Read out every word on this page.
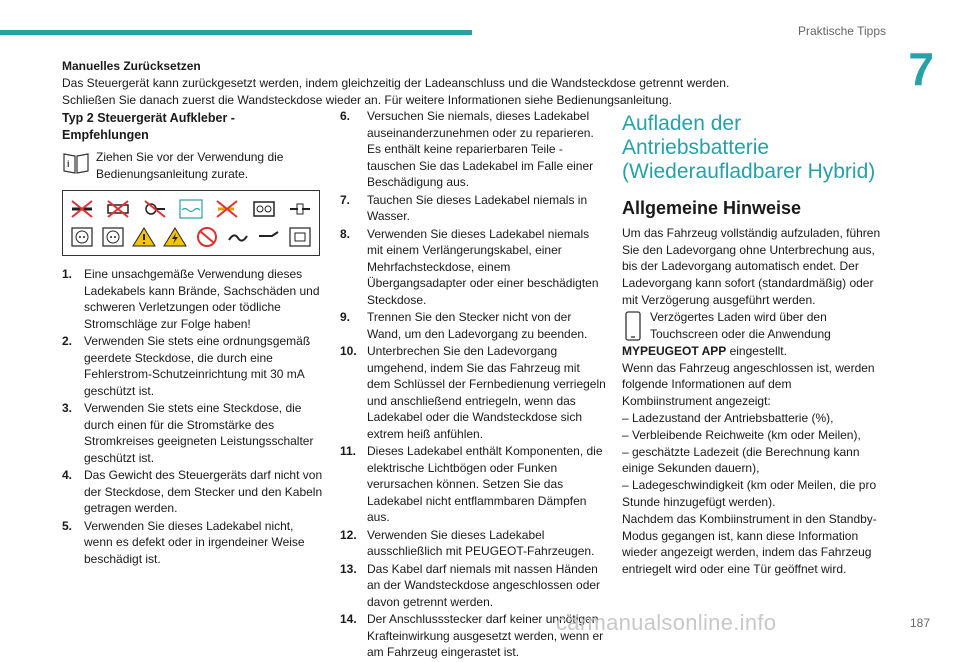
Praktische Tipps
7
Manuelles Zurücksetzen
Das Steuergerät kann zurückgesetzt werden, indem gleichzeitig der Ladeanschluss und die Wandsteckdose getrennt werden.
Schließen Sie danach zuerst die Wandsteckdose wieder an. Für weitere Informationen siehe Bedienungsanleitung.
Typ 2 Steuergerät Aufkleber - Empfehlungen
i Ziehen Sie vor der Verwendung die Bedienungsanleitung zurate.
1. Eine unsachgemäße Verwendung dieses Ladekabels kann Brände, Sachschäden und schweren Verletzungen oder tödliche Stromschläge zur Folge haben!
2. Verwenden Sie stets eine ordnungsgemäß geerdete Steckdose, die durch eine Fehlerstrom-Schutzeinrichtung mit 30 mA geschützt ist.
3. Verwenden Sie stets eine Steckdose, die durch einen für die Stromstärke des Stromkreises geeigneten Leistungsschalter geschützt ist.
4. Das Gewicht des Steuergeräts darf nicht von der Steckdose, dem Stecker und den Kabeln getragen werden.
5. Verwenden Sie dieses Ladekabel nicht, wenn es defekt oder in irgendeiner Weise beschädigt ist.
6.	Versuchen Sie niemals, dieses Ladekabel auseinanderzunehmen oder zu reparieren. Es enthält keine reparierbaren Teile - tauschen Sie das Ladekabel im Falle einer Beschädigung aus.
7.	Tauchen Sie dieses Ladekabel niemals in Wasser.
8.	Verwenden Sie dieses Ladekabel niemals mit einem Verlängerungskabel, einer Mehrfachsteckdose, einem Übergangsadapter oder einer beschädigten Steckdose.
9.	Trennen Sie den Stecker nicht von der Wand, um den Ladevorgang zu beenden.
10. Unterbrechen Sie den Ladevorgang umgehend, indem Sie das Fahrzeug mit dem Schlüssel der Fernbedienung verriegeln und anschließend entriegeln, wenn das Ladekabel oder die Wandsteckdose sich extrem heiß anfühlen.
11. Dieses Ladekabel enthält Komponenten, die elektrische Lichtbögen oder Funken verursachen können. Setzen Sie das Ladekabel nicht entflammbaren Dämpfen aus.
12. Verwenden Sie dieses Ladekabel ausschließlich mit PEUGEOT-Fahrzeugen.
13. Das Kabel darf niemals mit nassen Händen an der Wandsteckdose angeschlossen oder davon getrennt werden.
14. Der Anschlussstecker darf keiner unnötigen Krafteinwirkung ausgesetzt werden, wenn er am Fahrzeug eingerastet ist.
Aufladen der Antriebsbatterie (Wiederaufladbarer Hybrid)
Allgemeine Hinweise
Um das Fahrzeug vollständig aufzuladen, führen Sie den Ladevorgang ohne Unterbrechung aus, bis der Ladevorgang automatisch endet. Der Ladevorgang kann sofort (standardmäßig) oder mit Verzögerung ausgeführt werden.
Verzögertes Laden wird über den Touchscreen oder die Anwendung
MYPEUGEOT APP eingestellt.
Wenn das Fahrzeug angeschlossen ist, werden folgende Informationen auf dem Kombiinstrument angezeigt:
– Ladezustand der Antriebsbatterie (%),
– Verbleibende Reichweite (km oder Meilen),
– geschätzte Ladezeit (die Berechnung kann einige Sekunden dauern),
– Ladegeschwindigkeit (km oder Meilen, die pro Stunde hinzugefügt werden).
Nachdem das Kombiinstrument in den Standby-Modus gegangen ist, kann diese Information wieder angezeigt werden, indem das Fahrzeug entriegelt wird oder eine Tür geöffnet wird.
carmanualsonline.info	187
